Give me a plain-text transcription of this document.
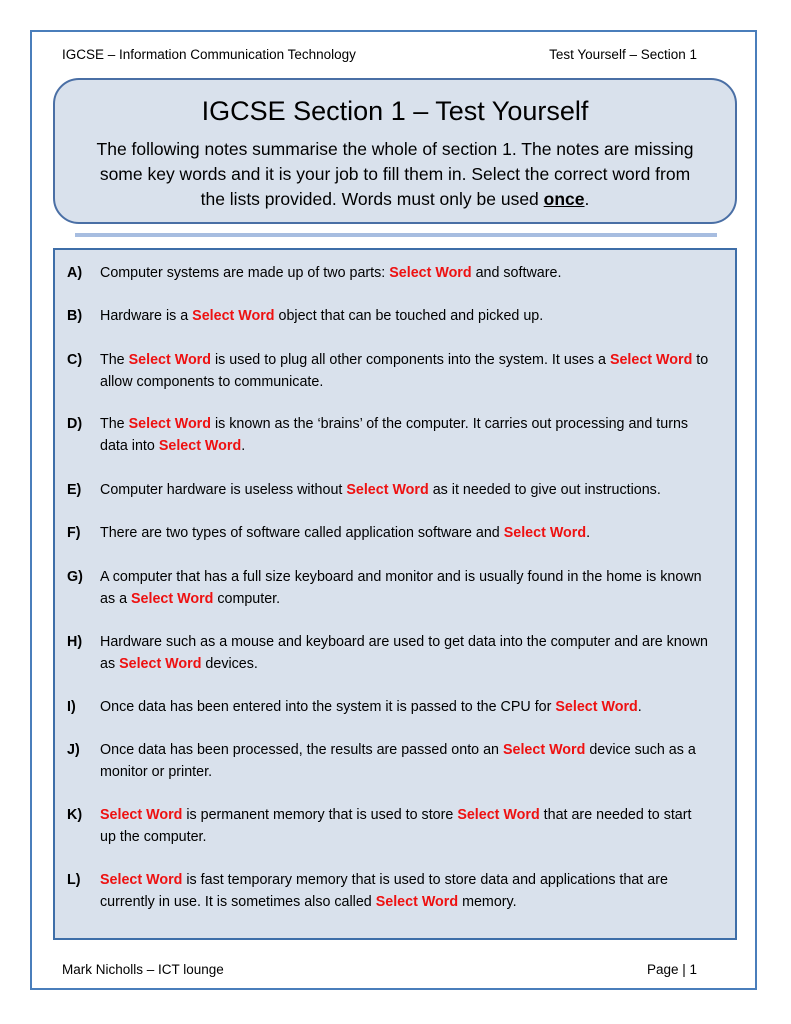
IGCSE – Information Communication Technology	Test Yourself – Section 1
IGCSE Section 1 – Test Yourself
The following notes summarise the whole of section 1. The notes are missing some key words and it is your job to fill them in. Select the correct word from the lists provided. Words must only be used once.
A) Computer systems are made up of two parts: Select Word and software.
B) Hardware is a Select Word object that can be touched and picked up.
C) The Select Word is used to plug all other components into the system. It uses a Select Word to allow components to communicate.
D) The Select Word is known as the ‘brains’ of the computer. It carries out processing and turns data into Select Word.
E) Computer hardware is useless without Select Word as it needed to give out instructions.
F) There are two types of software called application software and Select Word.
G) A computer that has a full size keyboard and monitor and is usually found in the home is known as a Select Word computer.
H) Hardware such as a mouse and keyboard are used to get data into the computer and are known as Select Word devices.
I) Once data has been entered into the system it is passed to the CPU for Select Word.
J) Once data has been processed, the results are passed onto an Select Word device such as a monitor or printer.
K) Select Word is permanent memory that is used to store Select Word that are needed to start up the computer.
L) Select Word is fast temporary memory that is used to store data and applications that are currently in use. It is sometimes also called Select Word memory.
Mark Nicholls – ICT lounge	Page | 1
